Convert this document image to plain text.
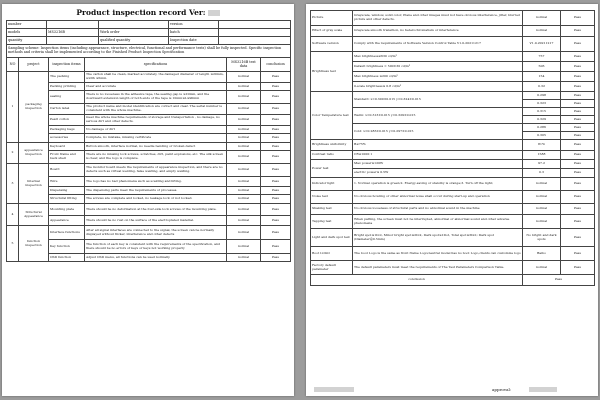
Product inspection record Ver:
number			version	
models	MS3216B	Work order	batch	
quantity		qualified quantity	Inspection date	
Sampling scheme: Inspection items (including appearance, structure, electrical, functional and performance tests) shall be fully inspected. Specific inspection methods and criteria shall be implemented according to the Finished Product Inspection Specification				
NO	project	inspection items	specifications	MS3216B test data	conclusion
1	packaging inspection	The packing	The carton shall be clean, marked accurately, the damaged diameter or length ≤20mm, width ≤5mm.	normal	Pass
		Packing printing	Clear and accurate	normal	Pass
		sealing	There is no looseness in the adhesive tape, the sealing gap is ≤10mm, and the downward extension length of both ends of the tape is 10mm≤L≤90mm	normal	Pass
		Carton label	The product name and model identification are correct and clear. The serial number is consistent with the whole machine.	normal	Pass
		Pearl cotton	meet the whole machine requirements of storage and transportation , no damage, no serious dirt and other defects.	normal	Pass
		Packaging bags	No damage or dirt	normal	Pass
		accessories	Complete, no mistake, missing certificate	normal	Pass
2	appearance inspection	Keyboard	Button smooth, interface normal, no needle bending or broken defect	normal	Pass
		Front frame and back shell	There are no missing lock screws, scratches, dirt, paint explosions, etc. The silk screen is clear, and the logo is complete.	normal	Pass
3	Internal inspection	Board	The monitor board meets the requirements of appearance inspection, and there are no defects such as virtual welding, false welding, and empty welding.	normal	Pass
		Wire	The logo has no bad phenomena such as scalding and lifting.	normal	Pass
		Dispensing	The dispensing parts meet the requirements of processes.	normal	Pass
		Structural fitting	The screws are complete and locked, no leakage lock or not locked.	normal	Pass
4	Structural Appearance	Mounting plate	There should be no deformation at the four-side lock screws of the mounting plate.	normal	Pass
		Appearance	There should be no rust on the surface of the electroplated material.	normal	Pass
5	function inspection	Interface functions	After all signal interfaces are connected to the signal, the screen can be normally displayed without flicker, interference and other defects	normal	Pass
		Key function	The function of each key is consistent with the requirements of the specification, and there should be no errors of keys or keys not working properly	normal	Pass
		OSD function	Adjust OSD menu, all functions can be used normally.	normal	Pass
Picture	Grayscale, window, solid color, Plane and other images must not have obvious interference, jitter, blurred picture and other defects.	normal	Pass
Effect of gray scale	Grayscale smooth transition, no heterochromatism or interference	normal	Pass
Software version	Comply with the requirements of Software Version Control Table V1.0-20211217	V1.0-20211217	Pass
Brightness test	Max brightness≥630 cd/m²	757	Pass
	Default brightness = 500±30 cd/m²	506	Pass
	Max brightness ≤200 cd/m²	154	Pass
	0-scale brightness≤ 0.8 cd/m²	0.32	Pass
Color Temperature test	Standard: x=0.300±0.015 y=0.324±0.015	0.298	Pass
		0.323	Pass
	Warm: x=0.313±0.015 y=0.329±0.015	0.315	Pass
		0.329	Pass
	Cold: x=0.283±0.015 y=0.297±0.015	0.286	Pass
		0.305	Pass
Brightness uniformity	B≥75%	81%	Pass
Contrast ratio	CR≥1000:1	1588	Pass
Power test	Max power≤120W	97.2	Pass
	electric power≤ 0.5W	0.3	Pass
Indicator light	1. Normal operation is green;2. Energy-saving or standby is orange;3. Turn off the light;	normal	Pass
Noise test	No obvious howling or other abnormal noise shall occur during start-up and operation	normal	Pass
Shaking test	No obvious looseness of structural parts and no abnormal sound in the machine	normal	Pass
Tapping test	When patting, the screen must not be interrupted, abnormal or abnormal sound and other adverse phenomena	normal	Pass
Light and dark spot test	Bright spot≤1Dot, Minor bright spot≤2Dot, Dark spot≤1Dot, Total spot≤3Dot; Dark spot (Diameter@0.5mm)	No bright and dark spots	Pass
Boot LOGO	The boot Logo is the same as front frame Logo;neutral model has no boot Logo,clients can customize logo	Baibo	Pass
Factory default parameter	The default parameters must meet the requirements of The Test Parameters Comparison Table.	normal	Pass
conclusion		Pass	
approval:
